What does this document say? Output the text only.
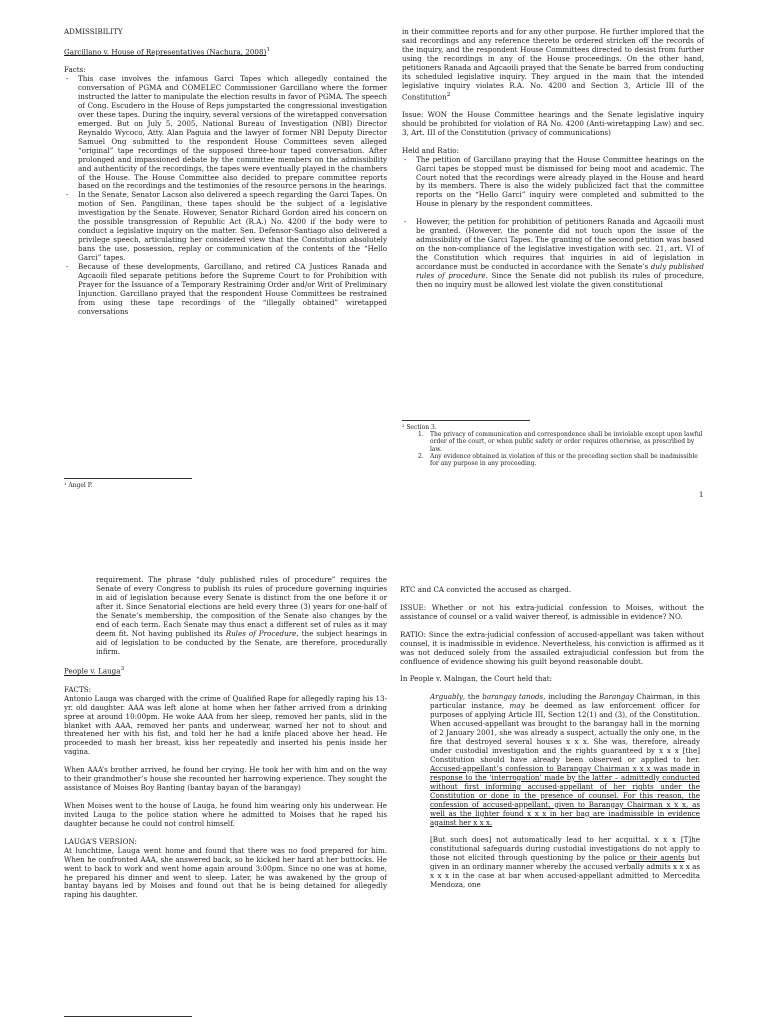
ADMISSIBILITY

Garcillano v. House of Representatives (Nachura, 2008)$^1$

Facts:

- This case involves the infamous Garci Tapes which allegedly contained the conversation of PGMA and COMELEC Commissioner Garcillano where the former instructed the latter to manipulate the election results in favor of PGMA. The speech of Cong. Escudero in the House of Reps jumpstarted the congressional investigation over these tapes. During the inquiry, several versions of the wiretapped conversation emerged. But on July 5, 2005, National Bureau of Investigation (NBI) Director Reynaldo Wycoco, Atty. Alan Paguia and the lawyer of former NBI Deputy Director Samuel Ong submitted to the respondent House Committees seven alleged “original” tape recordings of the supposed three-hour taped conversation. After prolonged and impassioned debate by the committee members on the admissibility and authenticity of the recordings, the tapes were eventually played in the chambers of the House. The House Committee also decided to prepare committee reports based on the recordings and the testimonies of the resource persons in the hearings.
- In the Senate, Senator Lacson also delivered a speech regarding the Garci Tapes. On motion of Sen. Pangilinan, these tapes should be the subject of a legislative investigation by the Senate. However, Senator Richard Gordon aired his concern on the possible transgression of Republic Act (R.A.) No. 4200 if the body were to conduct a legislative inquiry on the matter. Sen. Defensor-Santiago also delivered a privilege speech, articulating her considered view that the Constitution absolutely bans the use, possession, replay or communication of the contents of the “Hello Garci” tapes.
- Because of these developments, Garcillano, and retired CA Justices Ranada and Agcaoili filed separate petitions before the Supreme Court to for Prohibition with Prayer for the Issuance of a Temporary Restraining Order and/or Writ of Preliminary Injunction. Garcillano prayed that the respondent House Committees be restrained from using these tape recordings of the “illegally obtained” wiretapped conversations

¹ Angel P.

in their committee reports and for any other purpose. He further implored that the said recordings and any reference thereto be ordered stricken off the records of the inquiry, and the respondent House Committees directed to desist from further using the recordings in any of the House proceedings. On the other hand, petitioners Ranada and Agcaoili prayed that the Senate be barred from conducting its scheduled legislative inquiry. They argued in the main that the intended legislative inquiry violates R.A. No. 4200 and Section 3, Article III of the Constitution$^2$

Issue: WON the House Committee hearings and the Senate legislative inquiry should be prohibited for violation of RA No. 4200 (Anti-wiretapping Law) and sec. 3, Art. III of the Constitution (privacy of communications)

Held and Ratio:

- The petition of Garcillano praying that the House Committee hearings on the Garci tapes be stopped must be dismissed for being moot and academic. The Court noted that the recordings were already played in the House and heard by its members. There is also the widely publicized fact that the committee reports on the “Hello Garci” inquiry were completed and submitted to the House in plenary by the respondent committees.
- However, the petition for prohibition of petitioners Ranada and Agcaoili must be granted. (However, the ponente did not touch upon the issue of the admissibility of the Garci Tapes. The granting of the second petition was based on the non-compliance of the legislative investigation with sec. 21, art. VI of the Constitution which requires that inquiries in aid of legislation in accordance must be conducted in accordance with the Senate’s duly published rules of procedure. Since the Senate did not publish its rules of procedure, then no inquiry must be allowed lest violate the given constitutional

² Section 3.

1. The privacy of communication and correspondence shall be inviolable except upon lawful order of the court, or when public safety or order requires otherwise, as prescribed by law.
2. Any evidence obtained in violation of this or the preceding section shall be inadmissible for any purpose in any proceeding.
1

requirement. The phrase “duly published rules of procedure” requires the Senate of every Congress to publish its rules of procedure governing inquiries in aid of legislation because every Senate is distinct from the one before it or after it. Since Senatorial elections are held every three (3) years for one-half of the Senate’s membership, the composition of the Senate also changes by the end of each term. Each Senate may thus enact a different set of rules as it may deem fit. Not having published its Rules of Procedure, the subject hearings in aid of legislation to be conducted by the Senate, are therefore, procedurally infirm.

People v. Lauga$^3$

FACTS:

Antonio Lauga was charged with the crime of Qualified Rape for allegedly raping his 13-yr. old daughter. AAA was left alone at home when her father arrived from a drinking spree at around 10:00pm. He woke AAA from her sleep, removed her pants, slid in the blanket with AAA, removed her pants and underwear, warned her not to shout and threatened her with his fist, and told her he had a knife placed above her head. He proceeded to mash her breast, kiss her repeatedly and inserted his penis inside her vagina.

When AAA’s brother arrived, he found her crying. He took her with him and on the way to their grandmother’s house she recounted her harrowing experience. They sought the assistance of Moises Boy Banting (bantay bayan of the barangay)

When Moises went to the house of Lauga, he found him wearing only his underwear. He invited Lauga to the police station where he admitted to Moises that he raped his daughter because he could not control himself.

LAUGA’S VERSION:

At lunchtime, Lauga went home and found that there was no food prepared for him. When he confronted AAA, she answered back, so he kicked her hard at her buttocks. He went to back to work and went home again around 3:00pm. Since no one was at home, he prepared his dinner and went to sleep. Later, he was awakened by the group of bantay bayans led by Moises and found out that he is being detained for allegedly raping his daughter.

RTC and CA convicted the accused as charged.

ISSUE: Whether or not his extra-judicial confession to Moises, without the assistance of counsel or a valid waiver thereof, is admissible in evidence? NO.

RATIO: Since the extra-judicial confession of accused-appellant was taken without counsel, it is inadmissible in evidence. Nevertheless, his conviction is affirmed as it was not deduced solely from the assailed extrajudicial confession but from the confluence of evidence showing his guilt beyond reasonable doubt.

In People v. Malngan, the Court held that:

Arguably, the barangay tanods, including the Barangay Chairman, in this particular instance, may be deemed as law enforcement officer for purposes of applying Article III, Section 12(1) and (3), of the Constitution. When accused-appellant was brought to the barangay hall in the morning of 2 January 2001, she was already a suspect, actually the only one, in the fire that destroyed several houses x x x. She was, therefore, already under custodial investigation and the rights guaranteed by x x x [the] Constitution should have already been observed or applied to her. Accused-appellant’s confession to Barangay Chairman x x x was made in response to the ‘interrogation’ made by the latter – admittedly conducted without first informing accused-appellant of her rights under the Constitution or done in the presence of counsel. For this reason, the confession of accused-appellant, given to Barangay Chairman x x x, as well as the lighter found x x x in her bag are inadmissible in evidence against her x x x.

[But such does] not automatically lead to her acquittal. x x x [T]he constitutional safeguards during custodial investigations do not apply to those not elicited through questioning by the police or their agents but given in an ordinary manner whereby the accused verbally admits x x x as x x x in the case at bar when accused-appellant admitted to Mercedita Mendoza, one
